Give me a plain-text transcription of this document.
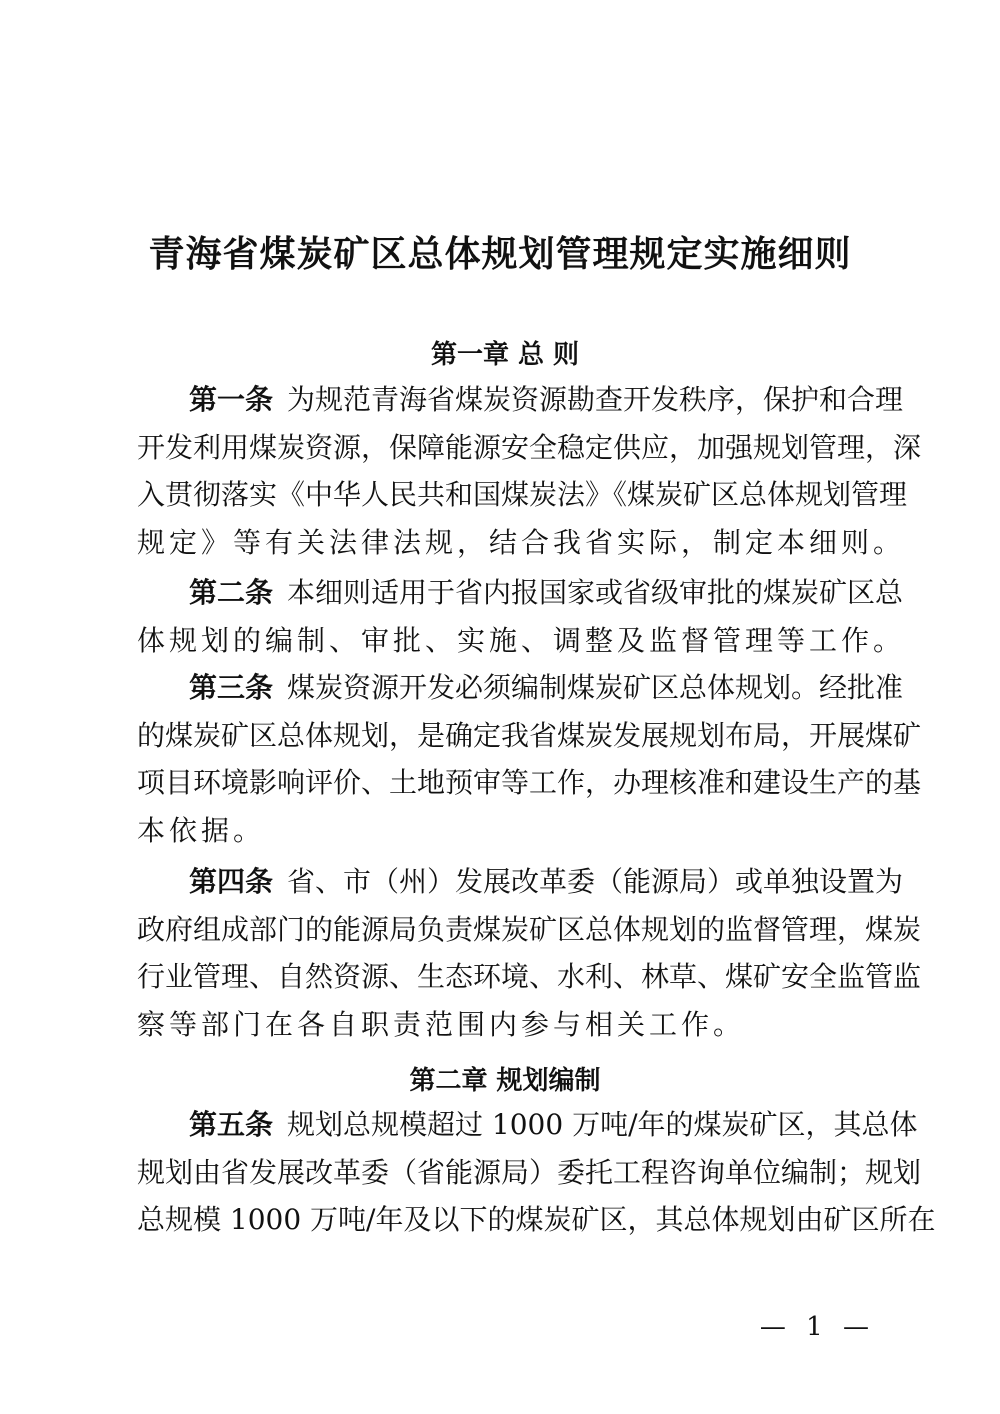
青海省煤炭矿区总体规划管理规定实施细则
第一章 总 则
第一条 为规范青海省煤炭资源勘查开发秩序，保护和合理
开发利用煤炭资源，保障能源安全稳定供应，加强规划管理，深
入贯彻落实《中华人民共和国煤炭法》《煤炭矿区总体规划管理
规定》等有关法律法规，结合我省实际，制定本细则。
第二条 本细则适用于省内报国家或省级审批的煤炭矿区总
体规划的编制、审批、实施、调整及监督管理等工作。
第三条 煤炭资源开发必须编制煤炭矿区总体规划。经批准
的煤炭矿区总体规划，是确定我省煤炭发展规划布局，开展煤矿
项目环境影响评价、土地预审等工作，办理核准和建设生产的基
本依据。
第四条 省、市（州）发展改革委（能源局）或单独设置为
政府组成部门的能源局负责煤炭矿区总体规划的监督管理，煤炭
行业管理、自然资源、生态环境、水利、林草、煤矿安全监管监
察等部门在各自职责范围内参与相关工作。
第二章 规划编制
第五条 规划总规模超过 1000 万吨/年的煤炭矿区，其总体
规划由省发展改革委（省能源局）委托工程咨询单位编制；规划
总规模 1000 万吨/年及以下的煤炭矿区，其总体规划由矿区所在
— 1 —
